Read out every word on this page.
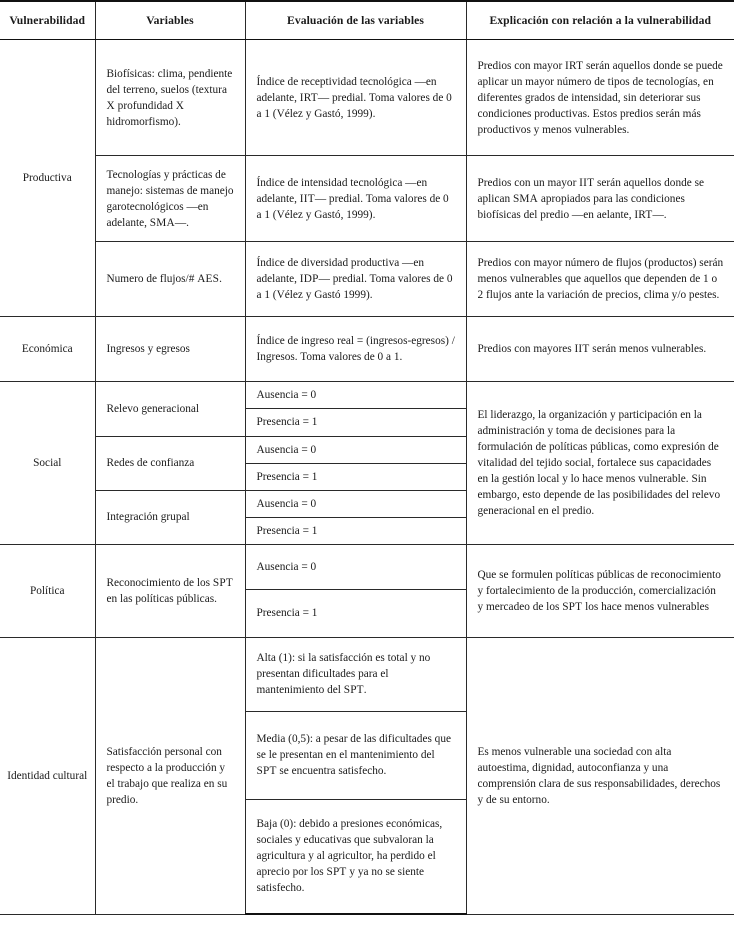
Vulnerabilidad	Variables	Evaluación de las variables	Explicación con relación a la vulnerabilidad
Productiva	Biofísicas: clima, pendiente del terreno, suelos (textura X profundidad X hidromorfismo).	Índice de receptividad tecnológica —en adelante, IRT— predial. Toma valores de 0 a 1 (Vélez y Gastó, 1999).	Predios con mayor IRT serán aquellos donde se puede aplicar un mayor número de tipos de tecnologías, en diferentes grados de intensidad, sin deteriorar sus condiciones productivas. Estos predios serán más productivos y menos vulnerables.

	Tecnologías y prácticas de manejo: sistemas de manejo garotecnológicos —en adelante, SMA—.	Índice de intensidad tecnológica —en adelante, IIT— predial. Toma valores de 0 a 1 (Vélez y Gastó, 1999).	Predios con un mayor IIT serán aquellos donde se aplican SMA apropiados para las condiciones biofísicas del predio —en aelante, IRT—.

	Numero de flujos/# AES.	Índice de diversidad productiva —en adelante, IDP— predial. Toma valores de 0 a 1 (Vélez y Gastó 1999).	Predios con mayor número de flujos (productos) serán menos vulnerables que aquellos que dependen de 1 o 2 flujos ante la variación de precios, clima y/o pestes.

Económica	Ingresos y egresos	Índice de ingreso real = (ingresos-egresos) / Ingresos. Toma valores de 0 a 1.	Predios con mayores IIT serán menos vulnerables.

Social	Relevo generacional	Ausencia = 0	El liderazgo, la organización y participación en la administración y toma de decisiones para la formulación de políticas públicas, como expresión de vitalidad del tejido social, fortalece sus capacidades en la gestión local y lo hace menos vulnerable. Sin embargo, esto depende de las posibilidades del relevo generacional en el predio.

		Presencia = 1	

	Redes de confianza	Ausencia = 0	

		Presencia = 1	

	Integración grupal	Ausencia = 0	

		Presencia = 1	

Política	Reconocimiento de los SPT en las políticas públicas.	Ausencia = 0	Que se formulen políticas públicas de reconocimiento y fortalecimiento de la producción, comercialización y mercadeo de los SPT los hace menos vulnerables

		Presencia = 1	

Identidad cultural	Satisfacción personal con respecto a la producción y el trabajo que realiza en su predio.	Alta (1): si la satisfacción es total y no presentan dificultades para el mantenimiento del SPT.	Es menos vulnerable una sociedad con alta autoestima, dignidad, autoconfianza y una comprensión clara de sus responsabilidades, derechos y de su entorno.

		Media (0,5): a pesar de las dificultades que se le presentan en el mantenimiento del SPT se encuentra satisfecho.	

		Baja (0): debido a presiones económicas, sociales y educativas que subvaloran la agricultura y al agricultor, ha perdido el aprecio por los SPT y ya no se siente satisfecho.	
